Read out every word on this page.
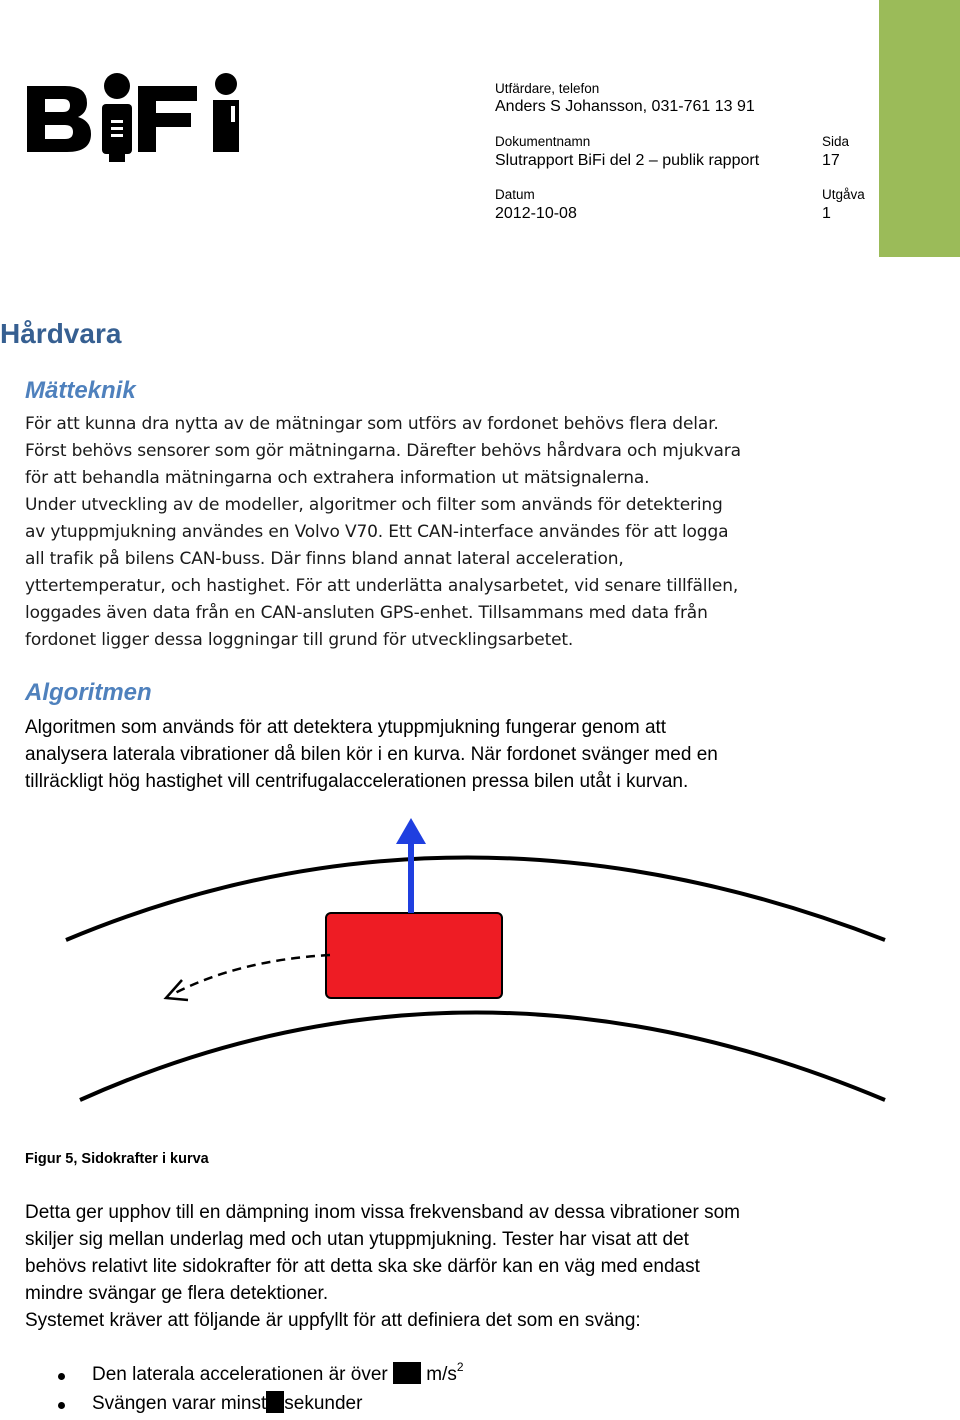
Utfärdare, telefon
Anders S Johansson, 031-761 13 91
Dokumentnamn
Slutrapport BiFi del 2 – publik rapport
Sida
17
Datum
2012-10-08
Utgåva
1
Hårdvara
Mätteknik
För att kunna dra nytta av de mätningar som utförs av fordonet behövs flera delar.
Först behövs sensorer som gör mätningarna. Därefter behövs hårdvara och mjukvara
för att behandla mätningarna och extrahera information ut mätsignalerna.
Under utveckling av de modeller, algoritmer och filter som används för detektering
av ytuppmjukning användes en Volvo V70. Ett CAN-interface användes för att logga
all trafik på bilens CAN-buss. Där finns bland annat lateral acceleration,
yttertemperatur, och hastighet. För att underlätta analysarbetet, vid senare tillfällen,
loggades även data från en CAN-ansluten GPS-enhet. Tillsammans med data från
fordonet ligger dessa loggningar till grund för utvecklingsarbetet.
Algoritmen
Algoritmen som används för att detektera ytuppmjukning fungerar genom att
analysera laterala vibrationer då bilen kör i en kurva. När fordonet svänger med en
tillräckligt hög hastighet vill centrifugalaccelerationen pressa bilen utåt i kurvan.
Figur 5, Sidokrafter i kurva
Detta ger upphov till en dämpning inom vissa frekvensband av dessa vibrationer som
skiljer sig mellan underlag med och utan ytuppmjukning. Tester har visat att det
behövs relativt lite sidokrafter för att detta ska ske därför kan en väg med endast
mindre svängar ge flera detektioner.
Systemet kräver att följande är uppfyllt för att definiera det som en sväng:
Den laterala accelerationen är över  $m/s^2$
Svängen varar minst sekunder
